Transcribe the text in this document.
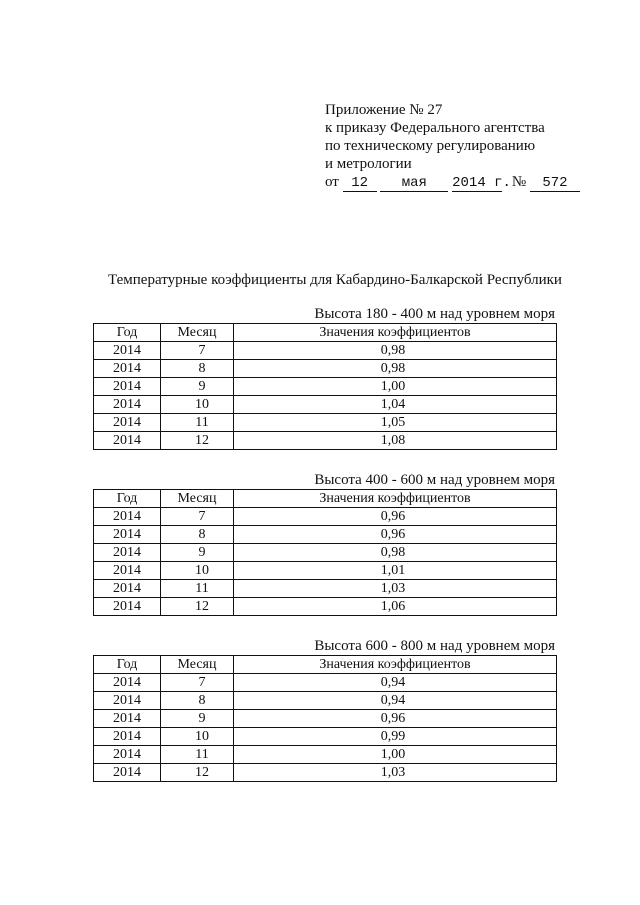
Приложение № 27
к приказу Федерального агентства
по техническому регулированию
и метрологии
от 12 мая 2014 г. № 572
Температурные коэффициенты для Кабардино-Балкарской Республики
Высота 180 - 400 м над уровнем моря
Год	Месяц	Значения коэффициентов
2014	7	0,98
2014	8	0,98
2014	9	1,00
2014	10	1,04
2014	11	1,05
2014	12	1,08
Высота 400 - 600 м над уровнем моря
Год	Месяц	Значения коэффициентов
2014	7	0,96
2014	8	0,96
2014	9	0,98
2014	10	1,01
2014	11	1,03
2014	12	1,06
Высота 600 - 800 м над уровнем моря
Год	Месяц	Значения коэффициентов
2014	7	0,94
2014	8	0,94
2014	9	0,96
2014	10	0,99
2014	11	1,00
2014	12	1,03
